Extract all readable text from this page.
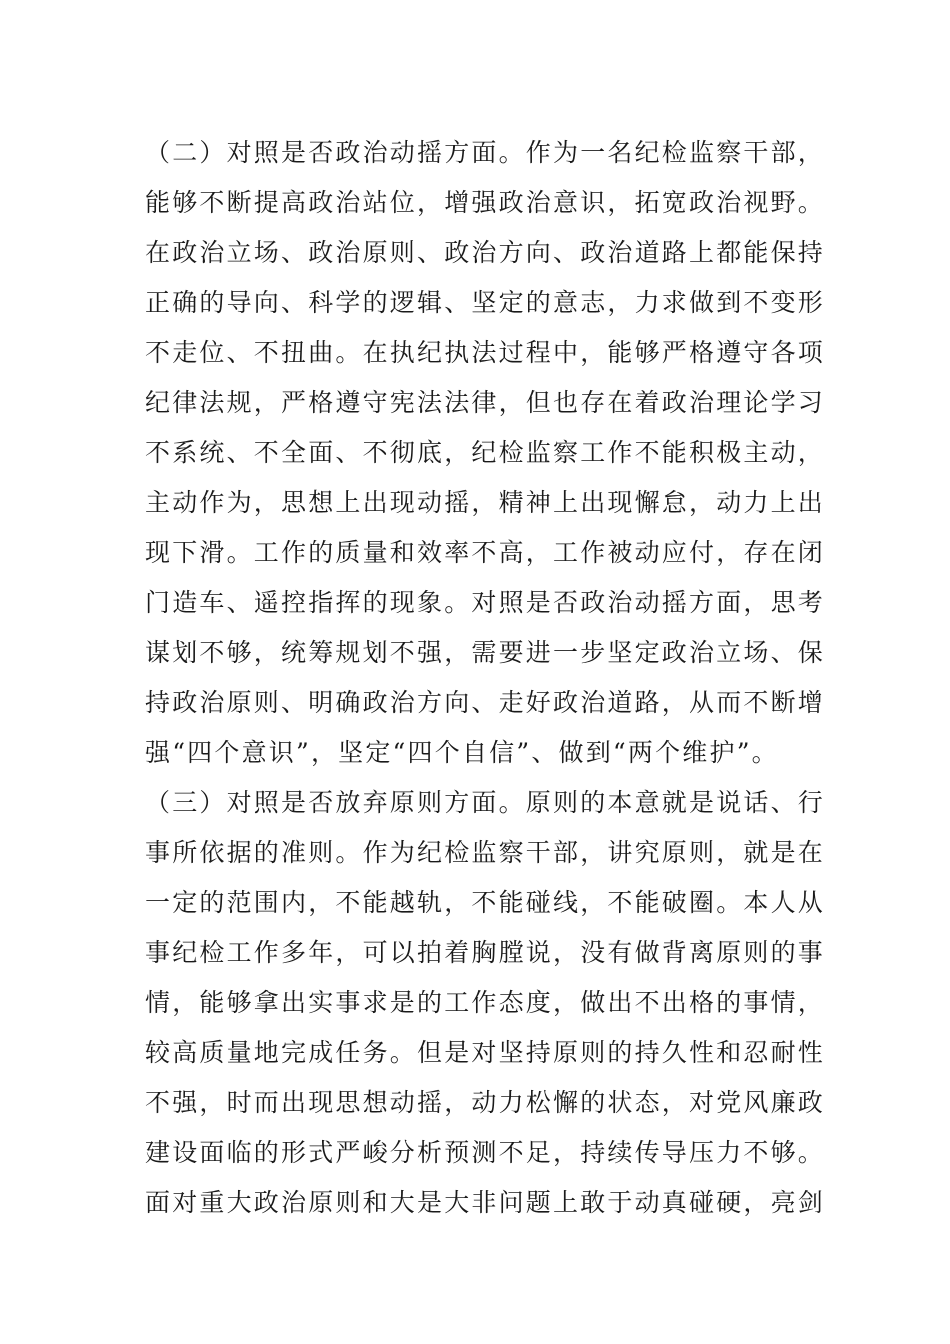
（二）对照是否政治动摇方面。作为一名纪检监察干部，
能够不断提高政治站位，增强政治意识，拓宽政治视野。
在政治立场、政治原则、政治方向、政治道路上都能保持
正确的导向、科学的逻辑、坚定的意志，力求做到不变形
不走位、不扭曲。在执纪执法过程中，能够严格遵守各项
纪律法规，严格遵守宪法法律，但也存在着政治理论学习
不系统、不全面、不彻底，纪检监察工作不能积极主动，
主动作为，思想上出现动摇，精神上出现懈怠，动力上出
现下滑。工作的质量和效率不高，工作被动应付，存在闭
门造车、遥控指挥的现象。对照是否政治动摇方面，思考
谋划不够，统筹规划不强，需要进一步坚定政治立场、保
持政治原则、明确政治方向、走好政治道路，从而不断增
强“四个意识”，坚定“四个自信”、做到“两个维护”。
（三）对照是否放弃原则方面。原则的本意就是说话、行
事所依据的准则。作为纪检监察干部，讲究原则，就是在
一定的范围内，不能越轨，不能碰线，不能破圈。本人从
事纪检工作多年，可以拍着胸膛说，没有做背离原则的事
情，能够拿出实事求是的工作态度，做出不出格的事情，
较高质量地完成任务。但是对坚持原则的持久性和忍耐性
不强，时而出现思想动摇，动力松懈的状态，对党风廉政
建设面临的形式严峻分析预测不足，持续传导压力不够。
面对重大政治原则和大是大非问题上敢于动真碰硬，亮剑
